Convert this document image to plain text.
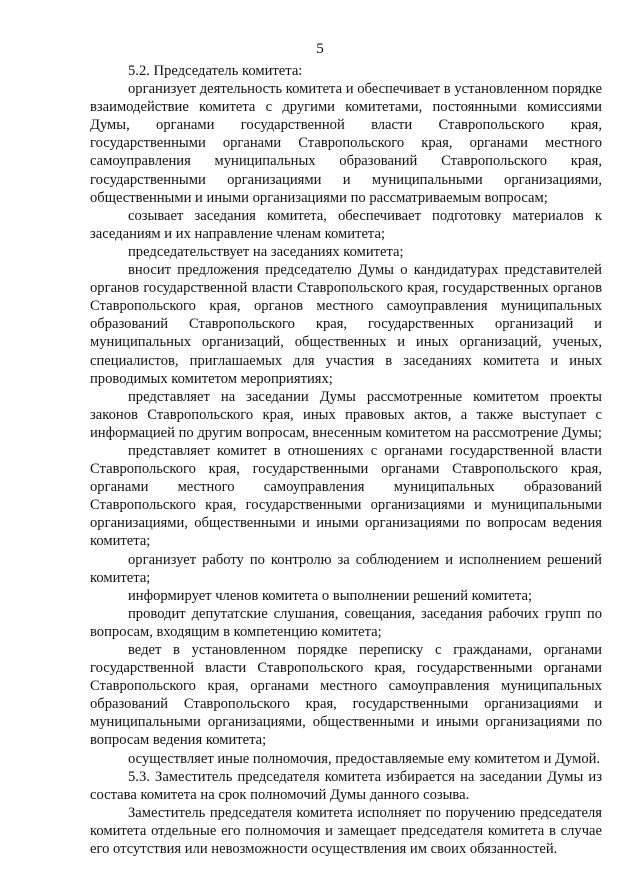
5

5.2. Председатель комитета:

организует деятельность комитета и обеспечивает в установленном порядке взаимодействие комитета с другими комитетами, постоянными комиссиями Думы, органами государственной власти Ставропольского края, государственными органами Ставропольского края, органами местного самоуправления муниципальных образований Ставропольского края, государственными организациями и муниципальными организациями, общественными и иными организациями по рассматриваемым вопросам;

созывает заседания комитета, обеспечивает подготовку материалов к заседаниям и их направление членам комитета;

председательствует на заседаниях комитета;

вносит предложения председателю Думы о кандидатурах представителей органов государственной власти Ставропольского края, государственных органов Ставропольского края, органов местного самоуправления муниципальных образований Ставропольского края, государственных организаций и муниципальных организаций, общественных и иных организаций, ученых, специалистов, приглашаемых для участия в заседаниях комитета и иных проводимых комитетом мероприятиях;

представляет на заседании Думы рассмотренные комитетом проекты законов Ставропольского края, иных правовых актов, а также выступает с информацией по другим вопросам, внесенным комитетом на рассмотрение Думы;

представляет комитет в отношениях с органами государственной власти Ставропольского края, государственными органами Ставропольского края, органами местного самоуправления муниципальных образований Ставропольского края, государственными организациями и муниципальными организациями, общественными и иными организациями по вопросам ведения комитета;

организует работу по контролю за соблюдением и исполнением решений комитета;

информирует членов комитета о выполнении решений комитета;

проводит депутатские слушания, совещания, заседания рабочих групп по вопросам, входящим в компетенцию комитета;

ведет в установленном порядке переписку с гражданами, органами государственной власти Ставропольского края, государственными органами Ставропольского края, органами местного самоуправления муниципальных образований Ставропольского края, государственными организациями и муниципальными организациями, общественными и иными организациями по вопросам ведения комитета;

осуществляет иные полномочия, предоставляемые ему комитетом и Думой.

5.3. Заместитель председателя комитета избирается на заседании Думы из состава комитета на срок полномочий Думы данного созыва.

Заместитель председателя комитета исполняет по поручению председателя комитета отдельные его полномочия и замещает председателя комитета в случае его отсутствия или невозможности осуществления им своих обязанностей.
